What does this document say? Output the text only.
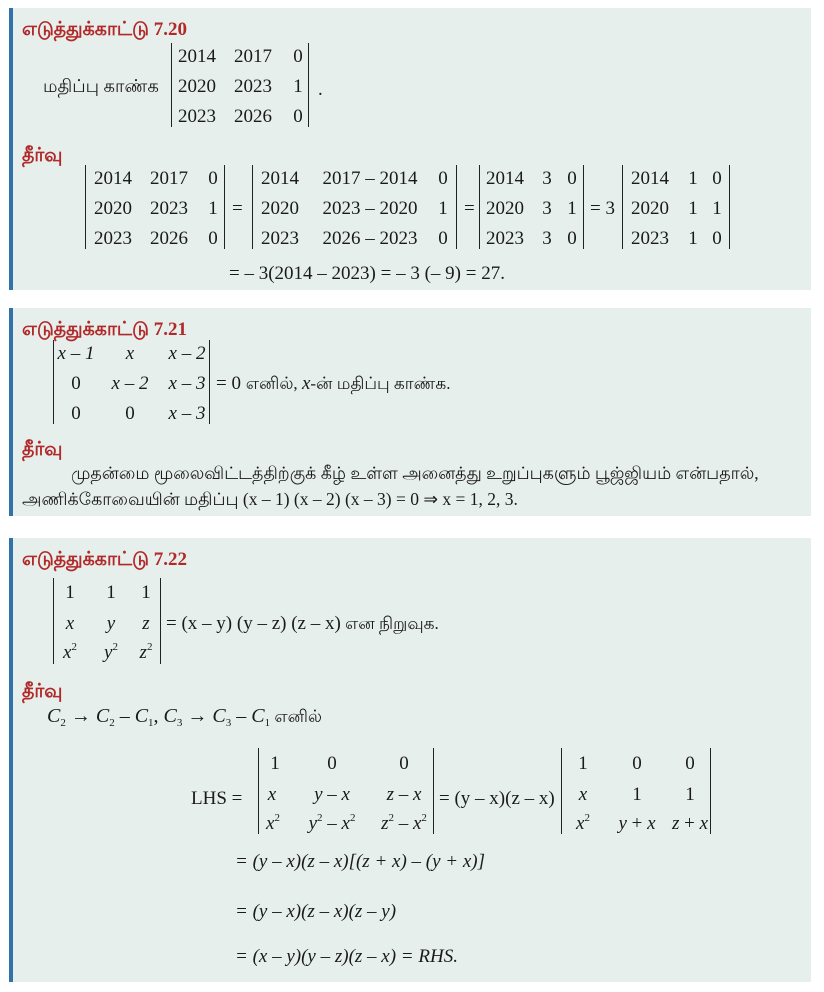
எடுத்துக்காட்டு 7.20
மதிப்பு காண்க
2014 2017 0
2020 2023 1
2023 2026 0
.
தீர்வு
2014 2017 0
2020 2023 1
2023 2026 0
=
2014 2017 – 2014 0
2020 2023 – 2020 1
2023 2026 – 2023 0
=
2014 3 0
2020 3 1
2023 3 0
= 3
2014 1 0
2020 1 1
2023 1 0
= – 3(2014 – 2023) = – 3 (– 9) = 27.
எடுத்துக்காட்டு 7.21
x – 1 x x – 2
0 x – 2 x – 3
0 0 x – 3
= 0 எனில், x-ன் மதிப்பு காண்க.
தீர்வு
முதன்மை மூலைவிட்டத்திற்குக் கீழ் உள்ள அனைத்து உறுப்புகளும் பூஜ்ஜியம் என்பதால்,
அணிக்கோவையின் மதிப்பு (x – 1) (x – 2) (x – 3) = 0 ⇒ x = 1, 2, 3.
எடுத்துக்காட்டு 7.22
1 1 1
x y z
$x^2$ $y^2$ $z^2$
= (x – y) (y – z) (z – x) என நிறுவுக.
தீர்வு
$C_2 \to C_2 - C_1$, $C_3 \to C_3 - C_1$ எனில்
LHS =
1	0	0
x y – x z – x
$x^2$ $y^2 - x^2$ $z^2 - x^2$
= (y – x)(z – x)
1 0 0
x 1 1
$x^2$ y + x z + x
= (y – x)(z – x)[(z + x) – (y + x)]
= (y – x)(z – x)(z – y)
= (x – y)(y – z)(z – x) = RHS.
